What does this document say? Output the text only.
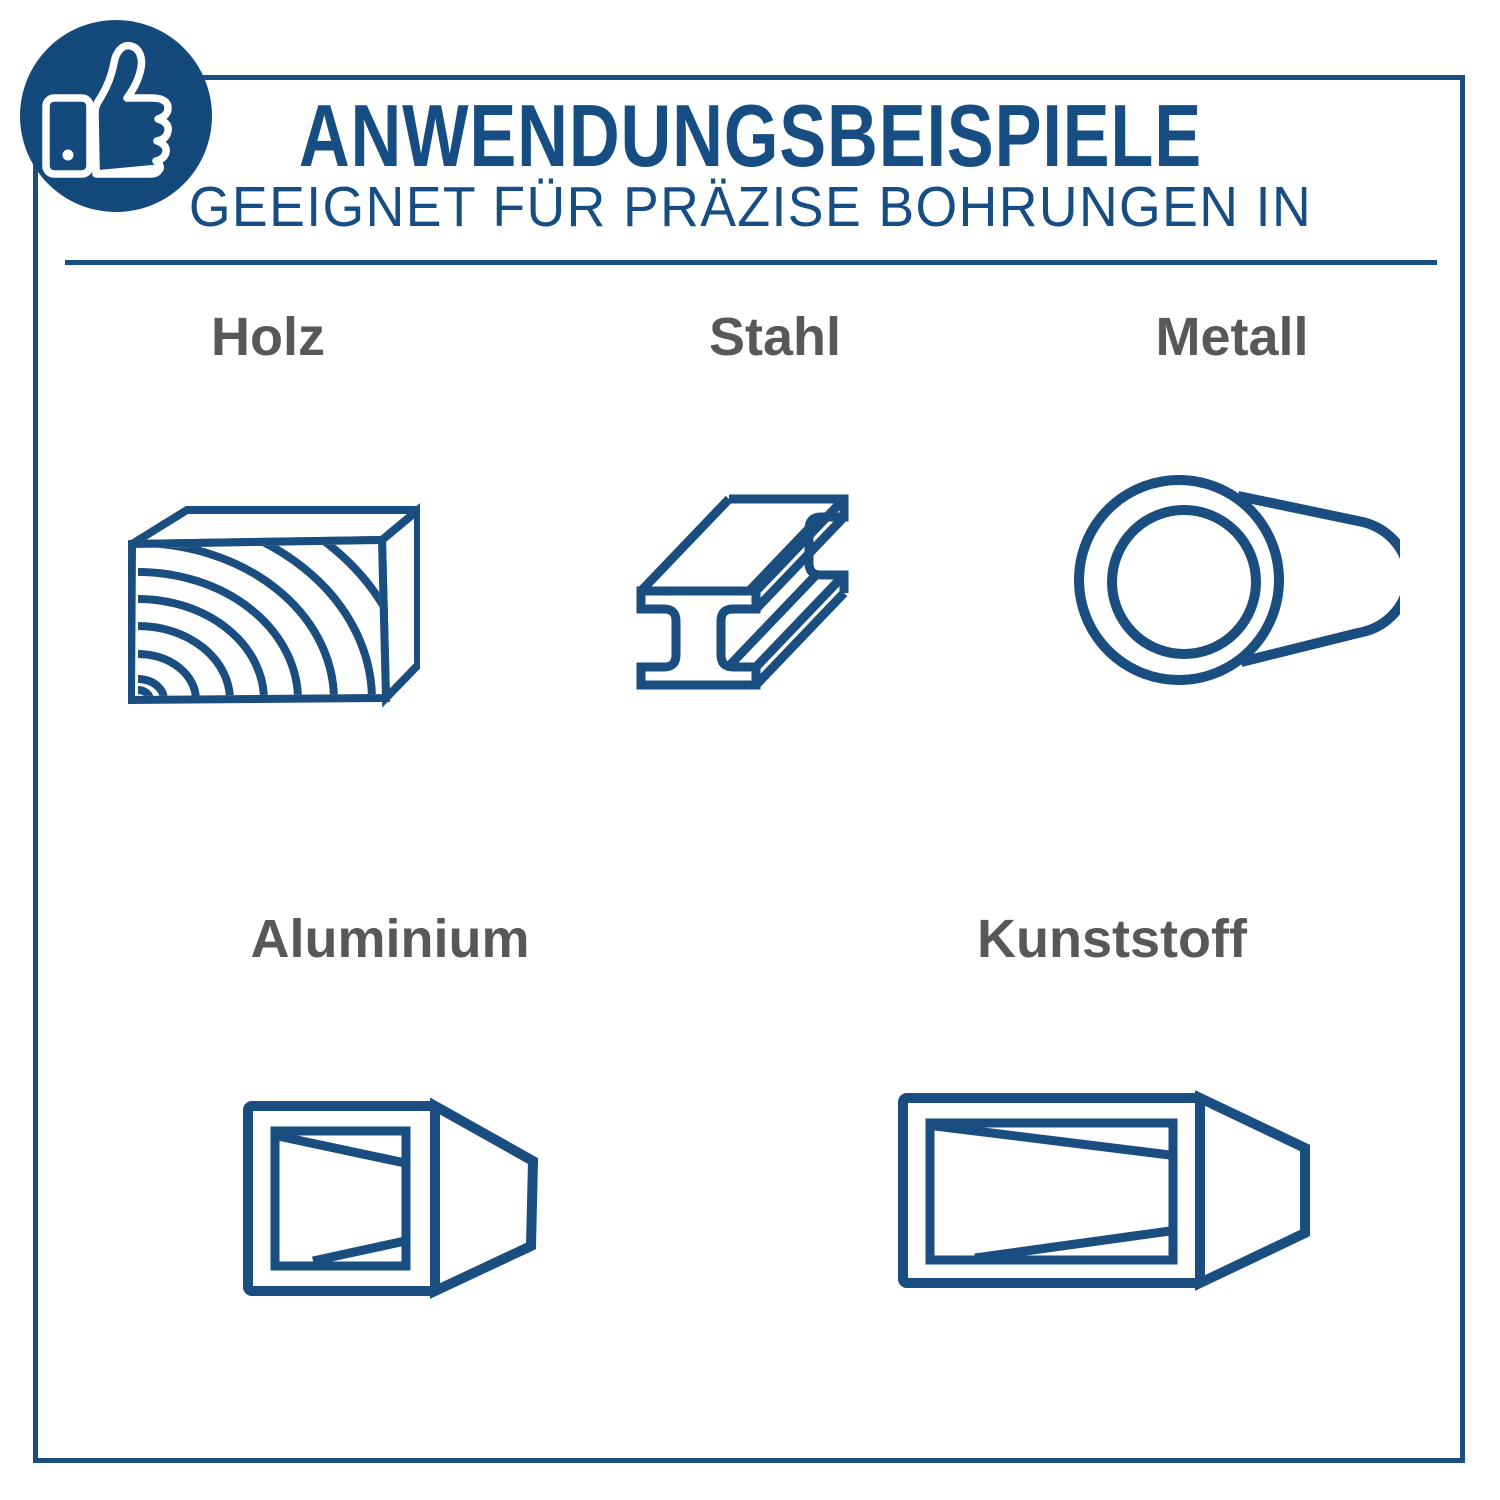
ANWENDUNGSBEISPIELE
GEEIGNET FÜR PRÄZISE BOHRUNGEN IN
Holz	Stahl	Metall
Aluminium	Kunststoff
